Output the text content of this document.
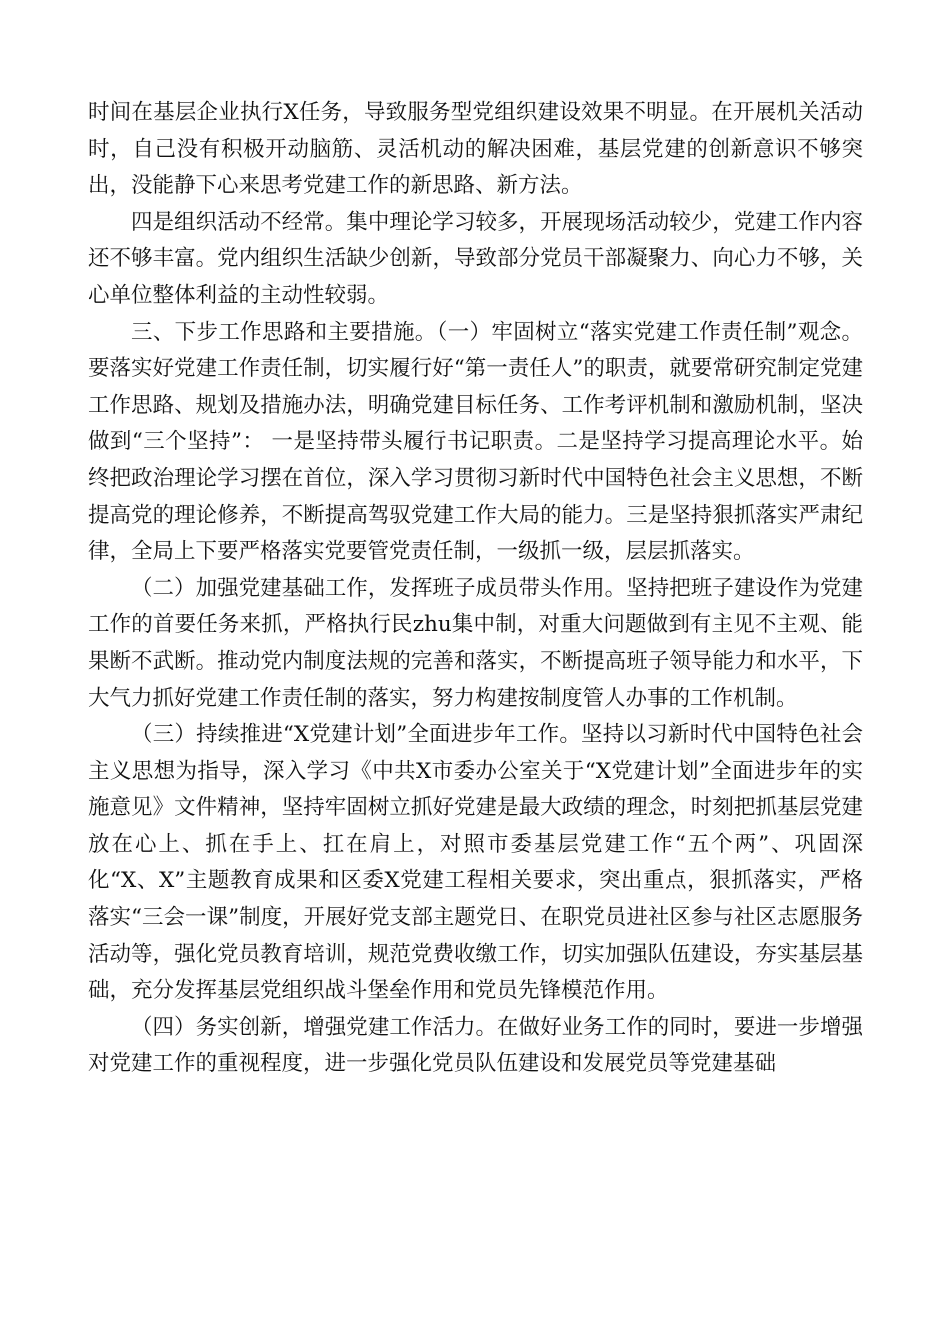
时间在基层企业执行X任务，导致服务型党组织建设效果不明显。在开展机关活动时，自己没有积极开动脑筋、灵活机动的解决困难，基层党建的创新意识不够突出，没能静下心来思考党建工作的新思路、新方法。

四是组织活动不经常。集中理论学习较多，开展现场活动较少，党建工作内容还不够丰富。党内组织生活缺少创新，导致部分党员干部凝聚力、向心力不够，关心单位整体利益的主动性较弱。

三、下步工作思路和主要措施。（一）牢固树立“落实党建工作责任制”观念。要落实好党建工作责任制，切实履行好“第一责任人”的职责，就要常研究制定党建工作思路、规划及措施办法，明确党建目标任务、工作考评机制和激励机制，坚决做到“三个坚持”： 一是坚持带头履行书记职责。二是坚持学习提高理论水平。始终把政治理论学习摆在首位，深入学习贯彻习新时代中国特色社会主义思想，不断提高党的理论修养，不断提高驾驭党建工作大局的能力。三是坚持狠抓落实严肃纪律，全局上下要严格落实党要管党责任制，一级抓一级，层层抓落实。

（二）加强党建基础工作，发挥班子成员带头作用。坚持把班子建设作为党建工作的首要任务来抓，严格执行民zhu集中制，对重大问题做到有主见不主观、能果断不武断。推动党内制度法规的完善和落实，不断提高班子领导能力和水平，下大气力抓好党建工作责任制的落实，努力构建按制度管人办事的工作机制。

（三）持续推进“X党建计划”全面进步年工作。坚持以习新时代中国特色社会主义思想为指导，深入学习《中共X市委办公室关于“X党建计划”全面进步年的实施意见》文件精神，坚持牢固树立抓好党建是最大政绩的理念，时刻把抓基层党建放在心上、抓在手上、扛在肩上，对照市委基层党建工作“五个两”、巩固深化“X、X”主题教育成果和区委X党建工程相关要求，突出重点，狠抓落实，严格落实“三会一课”制度，开展好党支部主题党日、在职党员进社区参与社区志愿服务活动等，强化党员教育培训，规范党费收缴工作，切实加强队伍建设，夯实基层基础，充分发挥基层党组织战斗堡垒作用和党员先锋模范作用。

（四）务实创新，增强党建工作活力。在做好业务工作的同时，要进一步增强对党建工作的重视程度，进一步强化党员队伍建设和发展党员等党建基础
